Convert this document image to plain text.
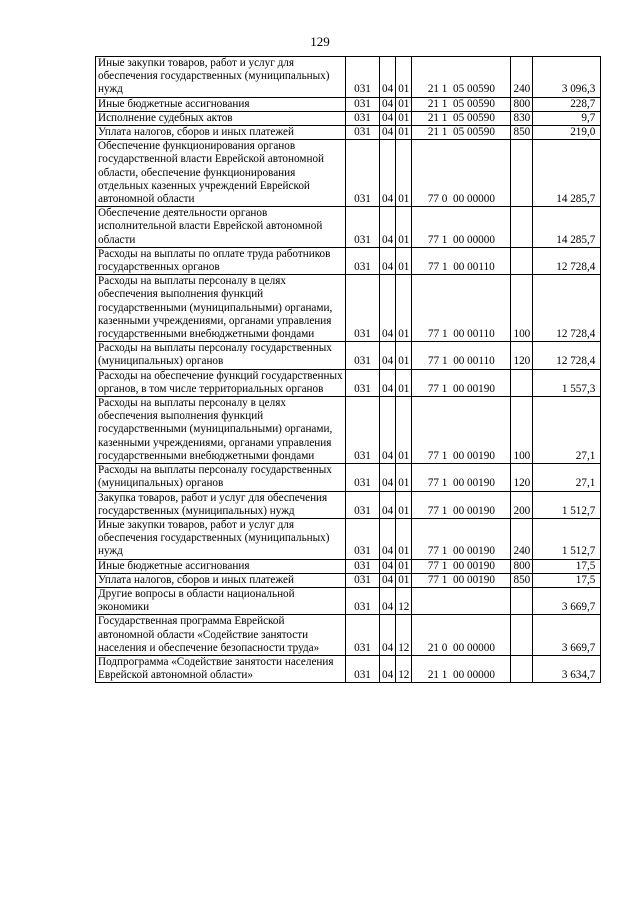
129
Иные закупки товаров, работ и услуг для обеспечения государственных (муниципальных) нужд	031	04	01	21 1  05 00590	240	3 096,3
Иные бюджетные ассигнования	031	04	01	21 1  05 00590	800	228,7
Исполнение судебных актов	031	04	01	21 1  05 00590	830	9,7
Уплата налогов, сборов и иных платежей	031	04	01	21 1  05 00590	850	219,0
Обеспечение функционирования органов государственной власти Еврейской автономной области, обеспечение функционирования отдельных казенных учреждений Еврейской автономной области	031	04	01	77 0  00 00000		14 285,7
Обеспечение деятельности органов исполнительной власти Еврейской автономной области	031	04	01	77 1  00 00000		14 285,7
Расходы на выплаты по оплате труда работников государственных органов	031	04	01	77 1  00 00110		12 728,4
Расходы на выплаты персоналу в целях обеспечения выполнения функций государственными (муниципальными) органами, казенными учреждениями, органами управления государственными внебюджетными фондами	031	04	01	77 1  00 00110	100	12 728,4
Расходы на выплаты персоналу государственных (муниципальных) органов	031	04	01	77 1  00 00110	120	12 728,4
Расходы на обеспечение функций государственных органов, в том числе территориальных органов	031	04	01	77 1  00 00190		1 557,3
Расходы на выплаты персоналу в целях обеспечения выполнения функций государственными (муниципальными) органами, казенными учреждениями, органами управления государственными внебюджетными фондами	031	04	01	77 1  00 00190	100	27,1
Расходы на выплаты персоналу государственных (муниципальных) органов	031	04	01	77 1  00 00190	120	27,1
Закупка товаров, работ и услуг для обеспечения государственных (муниципальных) нужд	031	04	01	77 1  00 00190	200	1 512,7
Иные закупки товаров, работ и услуг для обеспечения государственных (муниципальных) нужд	031	04	01	77 1  00 00190	240	1 512,7
Иные бюджетные ассигнования	031	04	01	77 1  00 00190	800	17,5
Уплата налогов, сборов и иных платежей	031	04	01	77 1  00 00190	850	17,5
Другие вопросы в области национальной экономики	031	04	12			3 669,7
Государственная программа Еврейской автономной области «Содействие занятости населения и обеспечение безопасности труда»	031	04	12	21 0  00 00000		3 669,7
Подпрограмма «Содействие занятости населения Еврейской автономной области»	031	04	12	21 1  00 00000		3 634,7
